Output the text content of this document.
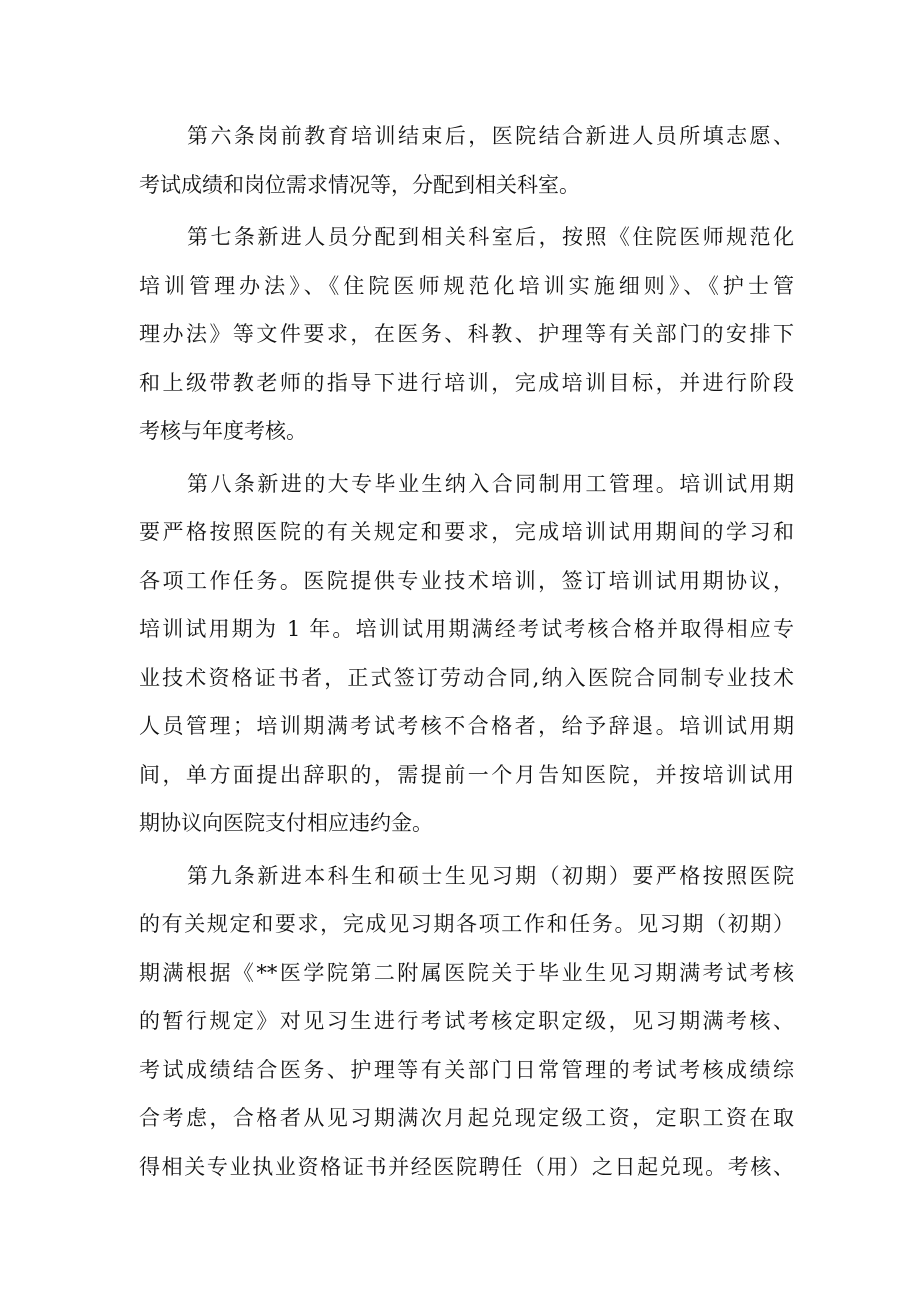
第六条岗前教育培训结束后，医院结合新进人员所填志愿、
考试成绩和岗位需求情况等，分配到相关科室。
第七条新进人员分配到相关科室后，按照《住院医师规范化
培训管理办法》、《住院医师规范化培训实施细则》、《护士管
理办法》等文件要求，在医务、科教、护理等有关部门的安排下
和上级带教老师的指导下进行培训，完成培训目标，并进行阶段
考核与年度考核。
第八条新进的大专毕业生纳入合同制用工管理。培训试用期
要严格按照医院的有关规定和要求，完成培训试用期间的学习和
各项工作任务。医院提供专业技术培训，签订培训试用期协议，
培训试用期为 1 年。培训试用期满经考试考核合格并取得相应专
业技术资格证书者，正式签订劳动合同,纳入医院合同制专业技术
人员管理；培训期满考试考核不合格者，给予辞退。培训试用期
间，单方面提出辞职的，需提前一个月告知医院，并按培训试用
期协议向医院支付相应违约金。
第九条新进本科生和硕士生见习期（初期）要严格按照医院
的有关规定和要求，完成见习期各项工作和任务。见习期（初期）
期满根据《**医学院第二附属医院关于毕业生见习期满考试考核
的暂行规定》对见习生进行考试考核定职定级，见习期满考核、
考试成绩结合医务、护理等有关部门日常管理的考试考核成绩综
合考虑，合格者从见习期满次月起兑现定级工资，定职工资在取
得相关专业执业资格证书并经医院聘任（用）之日起兑现。考核、
